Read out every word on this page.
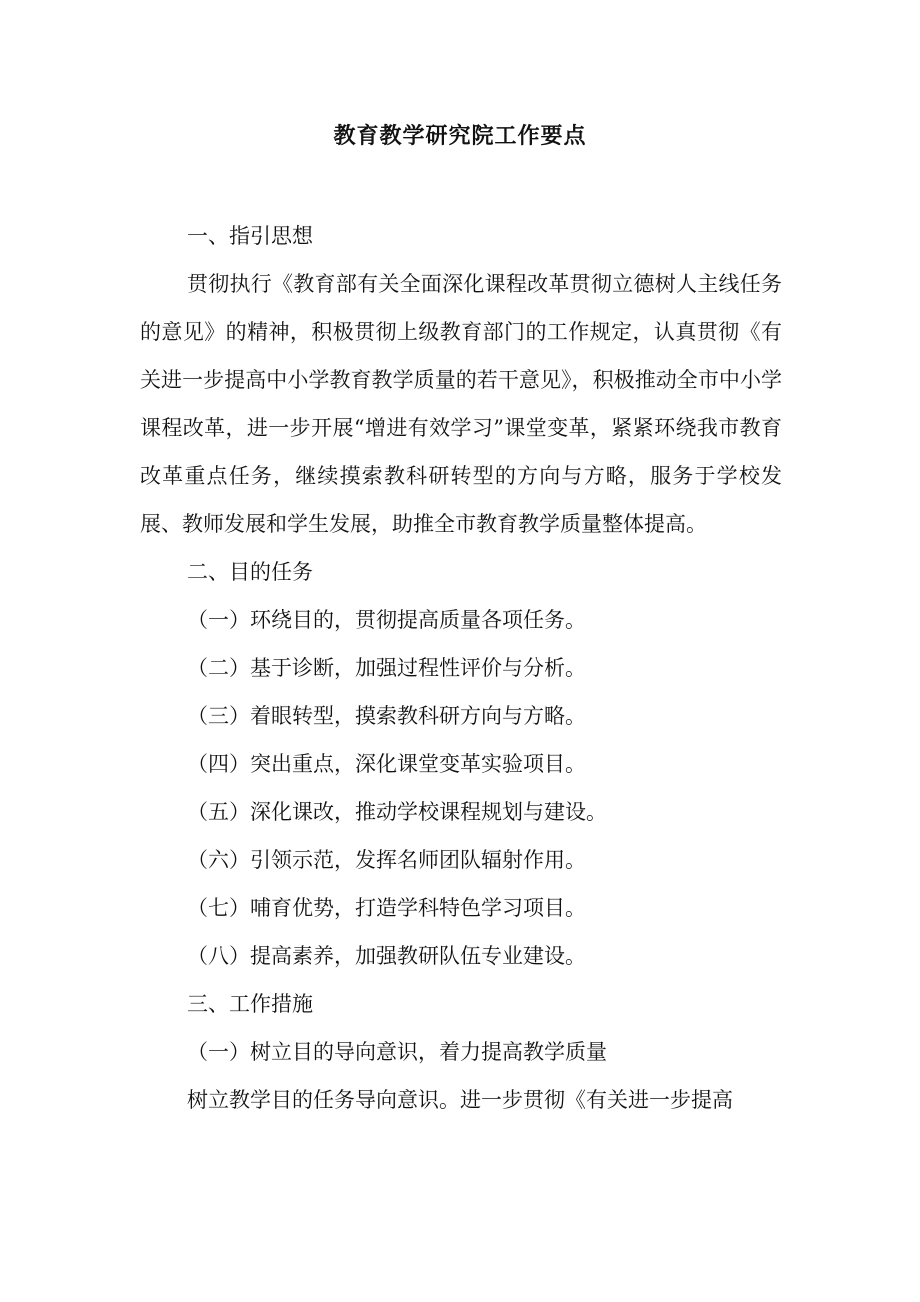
教育教学研究院工作要点

一、指引思想

贯彻执行《教育部有关全面深化课程改革贯彻立德树人主线任务的意见》的精神，积极贯彻上级教育部门的工作规定，认真贯彻《有关进一步提高中小学教育教学质量的若干意见》，积极推动全市中小学课程改革，进一步开展“增进有效学习”课堂变革，紧紧环绕我市教育改革重点任务，继续摸索教科研转型的方向与方略，服务于学校发展、教师发展和学生发展，助推全市教育教学质量整体提高。

二、目的任务

（一）环绕目的，贯彻提高质量各项任务。

（二）基于诊断，加强过程性评价与分析。

（三）着眼转型，摸索教科研方向与方略。

（四）突出重点，深化课堂变革实验项目。

（五）深化课改，推动学校课程规划与建设。

（六）引领示范，发挥名师团队辐射作用。

（七）哺育优势，打造学科特色学习项目。

（八）提高素养，加强教研队伍专业建设。

三、工作措施

（一）树立目的导向意识，着力提高教学质量

树立教学目的任务导向意识。进一步贯彻《有关进一步提高
